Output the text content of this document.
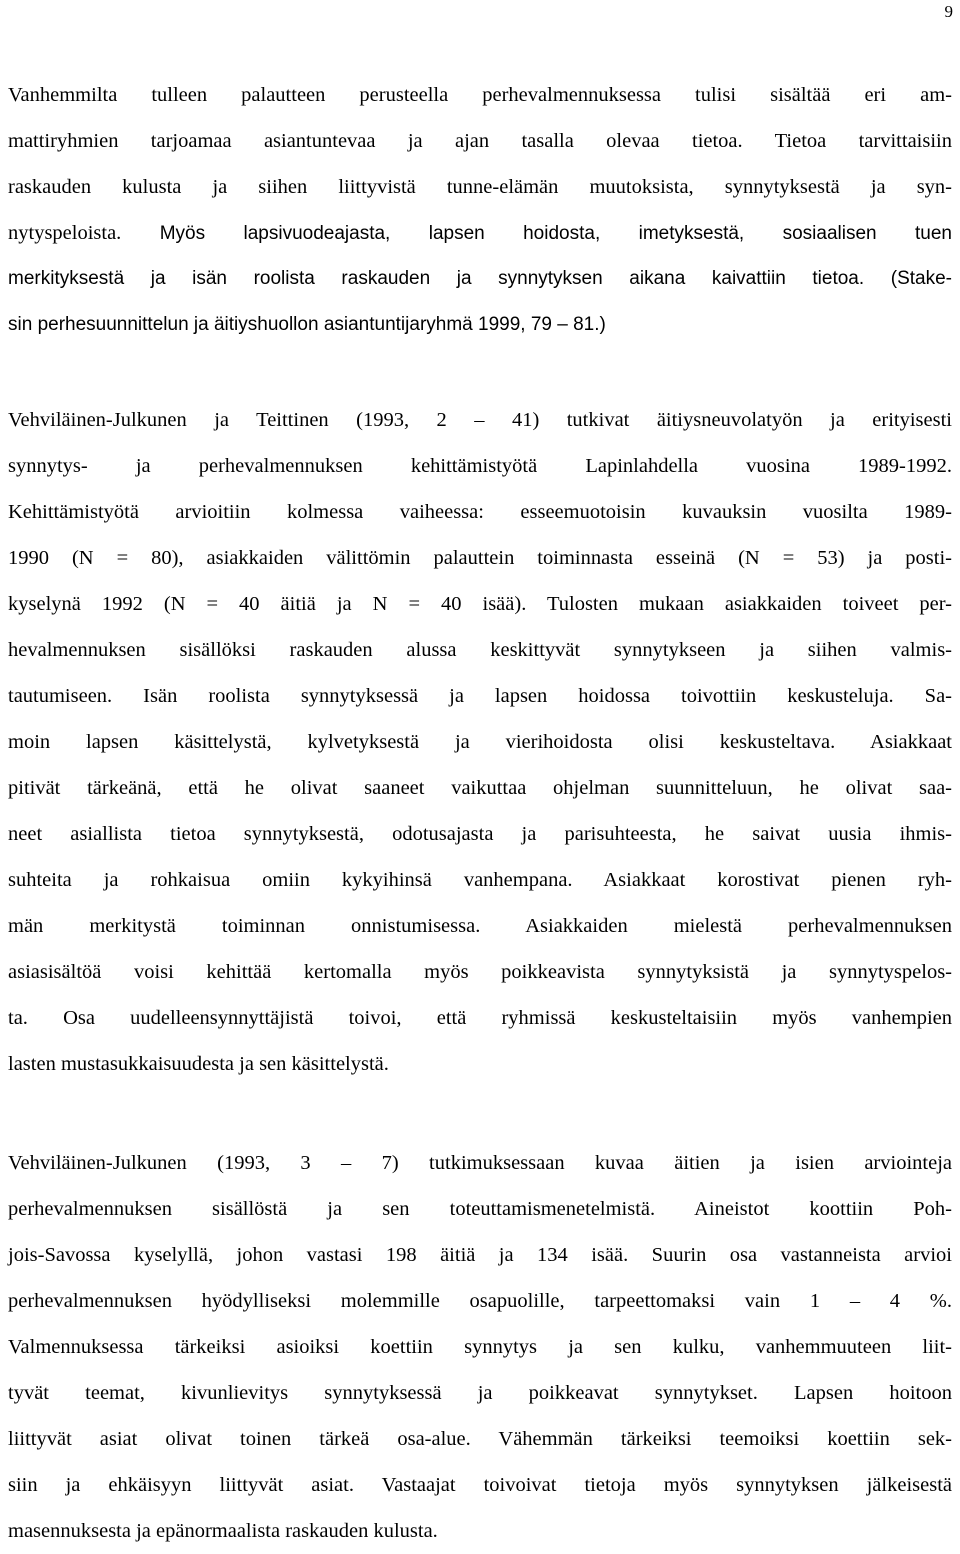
9
Vanhemmilta tulleen palautteen perusteella perhevalmennuksessa tulisi sisältää eri am-
mattiryhmien tarjoamaa asiantuntevaa ja ajan tasalla olevaa tietoa. Tietoa tarvittaisiin
raskauden kulusta ja siihen liittyvistä tunne-elämän muutoksista, synnytyksestä ja syn-
nytyspeloista. Myös lapsivuodeajasta, lapsen hoidosta, imetyksestä, sosiaalisen tuen
merkityksestä ja isän roolista raskauden ja synnytyksen aikana kaivattiin tietoa. (Stake-
sin perhesuunnittelun ja äitiyshuollon asiantuntijaryhmä 1999, 79 – 81.)
Vehviläinen-Julkunen ja Teittinen (1993, 2 – 41) tutkivat äitiysneuvolatyön ja erityisesti
synnytys- ja perhevalmennuksen kehittämistyötä Lapinlahdella vuosina 1989-1992.
Kehittämistyötä arvioitiin kolmessa vaiheessa: esseemuotoisin kuvauksin vuosilta 1989-
1990 (N = 80), asiakkaiden välittömin palauttein toiminnasta esseinä (N = 53) ja posti-
kyselynä 1992 (N = 40 äitiä ja N = 40 isää). Tulosten mukaan asiakkaiden toiveet per-
hevalmennuksen sisällöksi raskauden alussa keskittyvät synnytykseen ja siihen valmis-
tautumiseen. Isän roolista synnytyksessä ja lapsen hoidossa toivottiin keskusteluja. Sa-
moin lapsen käsittelystä, kylvetyksestä ja vierihoidosta olisi keskusteltava. Asiakkaat
pitivät tärkeänä, että he olivat saaneet vaikuttaa ohjelman suunnitteluun, he olivat saa-
neet asiallista tietoa synnytyksestä, odotusajasta ja parisuhteesta, he saivat uusia ihmis-
suhteita ja rohkaisua omiin kykyihinsä vanhempana. Asiakkaat korostivat pienen ryh-
män merkitystä toiminnan onnistumisessa. Asiakkaiden mielestä perhevalmennuksen
asiasisältöä voisi kehittää kertomalla myös poikkeavista synnytyksistä ja synnytyspelos-
ta. Osa uudelleensynnyttäjistä toivoi, että ryhmissä keskusteltaisiin myös vanhempien
lasten mustasukkaisuudesta ja sen käsittelystä.
Vehviläinen-Julkunen (1993, 3 – 7) tutkimuksessaan kuvaa äitien ja isien arviointeja
perhevalmennuksen sisällöstä ja sen toteuttamismenetelmistä. Aineistot koottiin Poh-
jois-Savossa kyselyllä, johon vastasi 198 äitiä ja 134 isää. Suurin osa vastanneista arvioi
perhevalmennuksen hyödylliseksi molemmille osapuolille, tarpeettomaksi vain 1 – 4 %.
Valmennuksessa tärkeiksi asioiksi koettiin synnytys ja sen kulku, vanhemmuuteen liit-
tyvät teemat, kivunlievitys synnytyksessä ja poikkeavat synnytykset. Lapsen hoitoon
liittyvät asiat olivat toinen tärkeä osa-alue. Vähemmän tärkeiksi teemoiksi koettiin sek-
siin ja ehkäisyyn liittyvät asiat. Vastaajat toivoivat tietoja myös synnytyksen jälkeisestä
masennuksesta ja epänormaalista raskauden kulusta.
